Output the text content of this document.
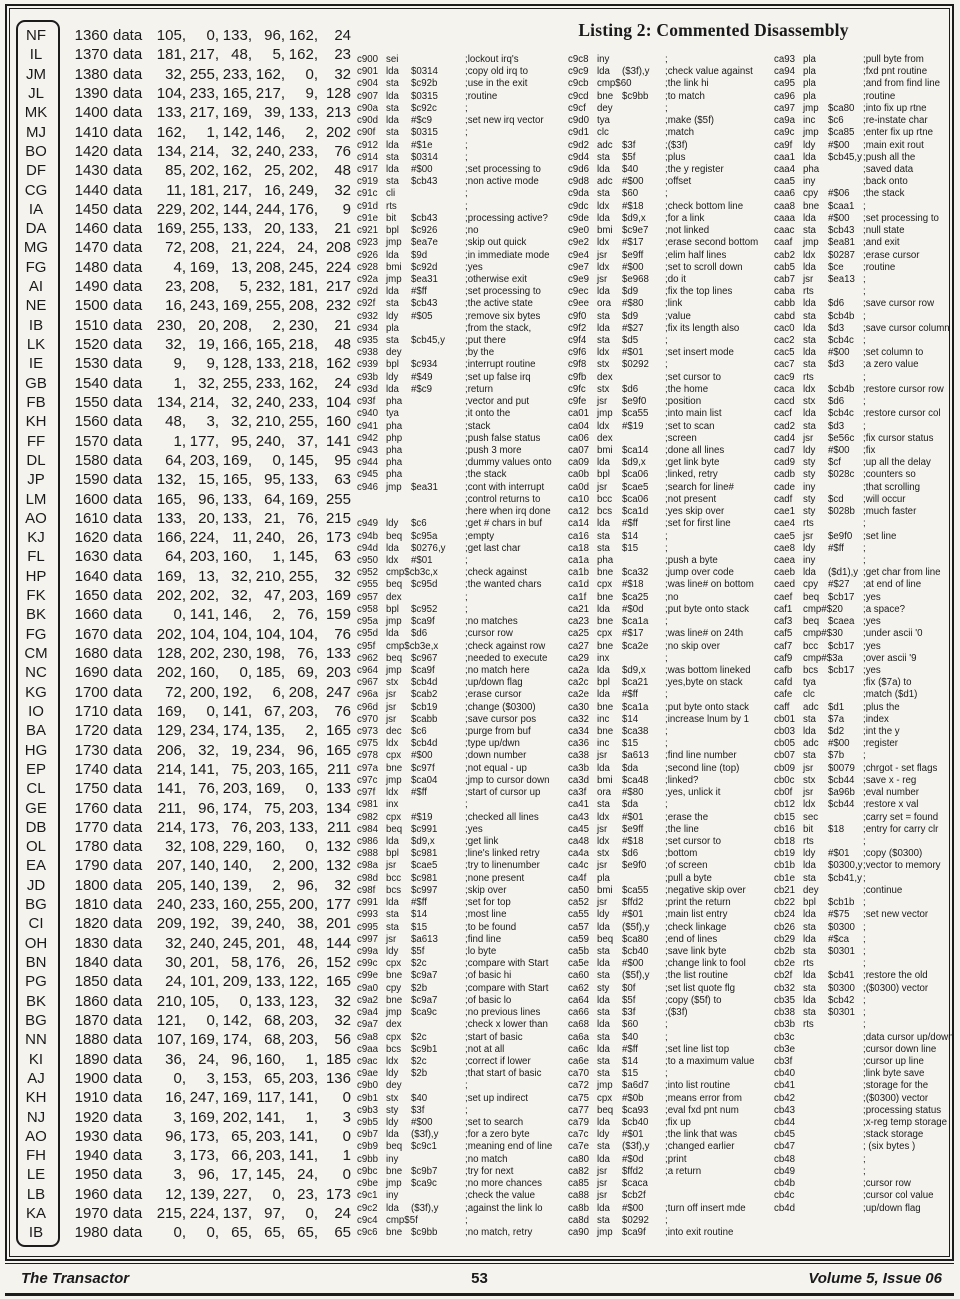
NF	1360 data 105,	0, 133, 96, 162,	24
IL	1370 data 181, 217, 48,	5, 162,	23
JM	1380 data	32, 255, 233, 162,	0,	32
JL	1390 data 104, 233, 165, 217,	9, 128
MK	1400 data 133, 217, 169, 39, 133, 213
MJ	1410 data 162,	1, 142, 146,	2, 202
BO	1420 data 134, 214, 32, 240, 233,	76
DF	1430 data	85, 202, 162, 25, 202,	48
CG	1440 data	11, 181, 217, 16, 249,	32
IA	1450 data 229, 202, 144, 244, 176,	9
DA	1460 data 169, 255, 133, 20, 133,	21
MG	1470 data	72, 208, 21, 224, 24, 208
FG	1480 data	4, 169, 13, 208, 245, 224
AI	1490 data	23, 208,	5, 232, 181, 217
NE	1500 data	16, 243, 169, 255, 208, 232
IB	1510 data 230, 20, 208,	2, 230,	21
LK	1520 data	32, 19, 166, 165, 218,	48
IE	1530 data	9,	9, 128, 133, 218, 162
GB	1540 data	1, 32, 255, 233, 162,	24
FB	1550 data 134, 214, 32, 240, 233, 104
KH	1560 data	48,	3, 32, 210, 255, 160
FF	1570 data	1, 177, 95, 240, 37, 141
DL	1580 data	64, 203, 169,	0, 145,	95
JP	1590 data 132, 15, 165, 95, 133,	63
LM	1600 data 165, 96, 133, 64, 169, 255
AO	1610 data 133, 20, 133, 21, 76, 215
KJ	1620 data 166, 224, 11, 240, 26, 173
FL	1630 data	64, 203, 160,	1, 145,	63
HP	1640 data 169, 13, 32, 210, 255,	32
FK	1650 data 202, 202, 32, 47, 203, 169
BK	1660 data	0, 141, 146,	2, 76, 159
FG	1670 data 202, 104, 104, 104, 104,	76
CM	1680 data 128, 202, 230, 198, 76, 133
NC	1690 data 202, 160,	0, 185, 69, 203
KG	1700 data	72, 200, 192,	6, 208, 247
IO	1710 data 169,	0, 141, 67, 203,	76
BA	1720 data 129, 234, 174, 135,	2, 165
HG	1730 data 206, 32, 19, 234, 96, 165
EP	1740 data 214, 141, 75, 203, 165, 211
CL	1750 data 141, 76, 203, 169,	0, 133
GE	1760 data	211, 96, 174, 75, 203, 134
DB	1770 data 214, 173, 76, 203, 133, 211
OL	1780 data	32, 108, 229, 160,	0, 132
EA	1790 data 207, 140, 140,	2, 200, 132
JD	1800 data 205, 140, 139,	2, 96,	32
BG	1810 data 240, 233, 160, 255, 200, 177
CI	1820 data 209, 192, 39, 240, 38, 201
OH	1830 data	32, 240, 245, 201, 48, 144
BN	1840 data	30, 201, 58, 176, 26, 152
PG	1850 data	24, 101, 209, 133, 122, 165
BK	1860 data 210, 105,	0, 133, 123,	32
BG	1870 data 121,	0, 142, 68, 203,	32
NN	1880 data 107, 169, 174, 68, 203,	56
KI	1890 data	36, 24, 96, 160,	1, 185
AJ	1900 data	0,	3, 153, 65, 203, 136
KH	1910 data	16, 247, 169, 117, 141,	0
NJ	1920 data	3, 169, 202, 141,	1,	3
AO	1930 data	96, 173, 65, 203, 141,	0
FH	1940 data	3, 173, 66, 203, 141,	1
LE	1950 data	3, 96, 17, 145, 24,	0
LB	1960 data	12, 139, 227,	0, 23, 173
KA	1970 data 215, 224, 137, 97,	0,	24
IB	1980 data	0,	0, 65, 65, 65,	65
Listing 2: Commented Disassembly
c900 sei	;lockout irq's
c901 lda	$0314	;copy old irq to
c904 sta	$c92b	;use in the exit
c907 lda	$0315	;routine
c90a sta	$c92c	;
c90d lda	#$c9	;set new irq vector
c90f	sta	$0315	;
c912 lda	#$1e	;
c914 sta	$0314	;
c917 lda	#$00	;set processing to
c919 sta	$cb43	;non active mode
c91c cli	;
c91d rts	;
c91e bit	$cb43	;processing active?
c921 bpl	$c926	;no
c923 jmp $ea7e	;skip out quick
c926 lda	$9d	;in immediate mode
c928 bmi $c92d	;yes
c92a jmp $ea31	;otherwise exit
c92d lda	#$ff	;set processing to
c92f	sta	$cb43	;the active state
c932 ldy	#$05	;remove six bytes
c934 pla	;from the stack,
c935 sta	$cb45,y ;put there
c938 dey	;by the
c939 bpl	$c934	;interrupt routine
c93b ldy	#$49	;set up false irq
c93d lda	#$c9	;return
c93f	pha	;vector and put
c940 tya	;it onto the
c941 pha	;stack
c942 php	;push false status
c943 pha	;push 3 more
c944 pha	;dummy values onto
c945 pha	;the stack
c946 jmp $ea31	;cont with interrupt
;control returns to
;here when irq done
c949 ldy	$c6	;get # chars in buf
c94b beq $c95a	;empty
c94d lda	$0276,y ;get last char
c950 ldx	#$01	;
c952 cmp$cb3c,x	;check against
c955 beq $c95d	;the wanted chars
c957 dex	;
c958 bpl	$c952	;
c95a jmp $ca9f	;no matches
c95d lda	$d6	;cursor row
c95f	cmp$cb3e,x	;check against row
c962 beq $c967	;needed to execute
c964 jmp $ca9f	;no match here
c967 stx	$cb4d	;up/down flag
c96a jsr	$cab2	;erase cursor
c96d jsr	$cb19	;change ($0300)
c970 jsr	$cabb	;save cursor pos
c973 dec $c6	;purge from buf
c975 ldx	$cb4d	;type up/dwn
c978 cpx	#$00	;down number
c97a bne $c97f	;not equal - up
c97c jmp $ca04	;jmp to cursor down
c97f	ldx	#$ff	;start of cursor up
c981 inx	;
c982 cpx	#$19	;checked all lines
c984 beq $c991	;yes
c986 lda	$d9,x	;get link
c988 bpl	$c981	;line's linked retry
c98a jsr	$cae5	;try to linenumber
c98d bcc	$c981	;none present
c98f	bcs	$c997	;skip over
c991 lda	#$ff	;set for top
c993 sta	$14	;most line
c995 sta	$15	;to be found
c997 jsr	$a613	;find line
c99a ldy	$5f	;lo byte
c99c cpx	$2c	;compare with Start
c99e bne $c9a7	;of basic hi
c9a0 cpy	$2b	;compare with Start
c9a2 bne $c9a7	;of basic lo
c9a4 jmp $ca9c	;no previous lines
c9a7 dex	;check x lower than
c9a8 cpx	$2c	;start of basic
c9aa bcs	$c9b1	;not at all
c9ac ldx	$2c	;correct if lower
c9ae ldy	$2b	;that start of basic
c9b0 dey	;
c9b1 stx	$40	;set up indirect
c9b3 sty	$3f	;
c9b5 ldy	#$00	;set to search
c9b7 lda	($3f),y	;for a zero byte
c9b9 beq $c9c1	;meaning end of line
c9bb iny	;no match
c9bc bne $c9b7	;try for next
c9be jmp $ca9c	;no more chances
c9c1 iny	;check the value
c9c2 lda	($3f),y	;against the link lo
c9c4 cmp$5f	;
c9c6 bne $c9bb	;no match, retry
c9c8 iny	;
c9c9 lda	($3f),y ;check value against
c9cb cmp$60	;the link hi
c9cd bne $c9bb ;to match
c9cf	dey	;
c9d0 tya	;make ($5f)
c9d1 clc	;match
c9d2 adc $3f	;($3f)
c9d4 sta	$5f	;plus
c9d6 lda	$40	;the y register
c9d8 adc #$00 ;offset
c9da sta	$60	;
c9dc ldx	#$18 ;check bottom line
c9de lda	$d9,x ;for a link
c9e0 bmi $c9e7 ;not linked
c9e2 ldx	#$17 ;erase second bottom
c9e4 jsr	$e9ff ;elim half lines
c9e7 ldx	#$00 ;set to scroll down
c9e9 jsr	$e968 ;do it
c9ec lda	$d9	;fix the top lines
c9ee ora	#$80 ;link
c9f0	sta	$d9	;value
c9f2	lda	#$27 ;fix its length also
c9f4	sta	$d5	;
c9f6	ldx	#$01 ;set insert mode
c9f8	stx	$0292 ;
c9fb	dex	;set cursor to
c9fc	stx	$d6	;the home
c9fe	jsr	$e9f0 ;position
ca01 jmp $ca55 ;into main list
ca04 ldx	#$19 ;set to scan
ca06 dex	;screen
ca07 bmi $ca14 ;done all lines
ca09 lda	$d9,x ;get link byte
ca0b bpl	$ca06 ;linked, retry
ca0d jsr	$cae5 ;search for line#
ca10 bcc	$ca06 ;not present
ca12 bcs	$ca1d ;yes skip over
ca14 lda	#$ff	;set for first line
ca16 sta	$14	;
ca18 sta	$15	;
ca1a pha	;push a byte
ca1b bne $ca32 ;jump over code
ca1d cpx	#$18 ;was line# on bottom
ca1f	bne $ca25 ;no
ca21 lda	#$0d ;put byte onto stack
ca23 bne $ca1a ;
ca25 cpx	#$17 ;was line# on 24th
ca27 bne $ca2e ;no skip over
ca29 inx	;
ca2a lda	$d9,x ;was bottom lineked
ca2c bpl	$ca21 ;yes,byte on stack
ca2e lda	#$ff	;
ca30 bne $ca1a ;put byte onto stack
ca32 inc	$14	;increase lnum by 1
ca34 bne $ca38 ;
ca36 inc	$15	;
ca38 jsr	$a613 ;find line number
ca3b lda	$da	;second line (top)
ca3d bmi $ca48 ;linked?
ca3f	ora	#$80 ;yes, unlick it
ca41 sta	$da	;
ca43 ldx	#$01 ;erase the
ca45 jsr	$e9ff ;the line
ca48 ldx	#$18 ;set cursor to
ca4a stx	$d6	;bottom
ca4c jsr	$e9f0 ;of screen
ca4f	pla	;pull a byte
ca50 bmi $ca55 ;negative skip over
ca52 jsr	$ffd2 ;print the return
ca55 ldy	#$01 ;main list entry
ca57 lda	($5f),y ;check linkage
ca59 beq $ca80 ;end of lines
ca5b sta	$cb40 ;save link byte
ca5e lda	#$00 ;change link to fool
ca60 sta	($5f),y ;the list routine
ca62 sty	$0f	;set list quote flg
ca64 lda	$5f	;copy ($5f) to
ca66 sta	$3f	;($3f)
ca68 lda	$60	;
ca6a sta	$40	;
ca6c lda	#$ff	;set line list top
ca6e sta	$14	;to a maximum value
ca70 sta	$15	;
ca72 jmp $a6d7 ;into list routine
ca75 cpx	#$0b ;means error from
ca77 beq $ca93 ;eval fxd pnt num
ca79 lda	$cb40 ;fix up
ca7c ldy	#$01 ;the link that was
ca7e sta	($3f),y ;changed earlier
ca80 lda	#$0d ;print
ca82 jsr	$ffd2 ;a return
ca85 jsr	$caca
ca88 jsr	$cb2f
ca8b lda	#$00 ;turn off insert mde
ca8d sta	$0292 ;
ca90 jmp $ca9f ;into exit routine
ca93 pla	;pull byte from
ca94 pla	;fxd pnt routine
ca95 pla	;and from find line
ca96 pla	;routine
ca97 jmp $ca80 ;into fix up rtne
ca9a inc	$c6 ;re-instate char
ca9c jmp $ca85 ;enter fix up rtne
ca9f	ldy	#$00 ;main exit rout
caa1 lda	$cb45,y ;push all the
caa4 pha	;saved data
caa5 iny	;back onto
caa6 cpy	#$06 ;the stack
caa8 bne $caa1 ;
caaa lda	#$00 ;set processing to
caac sta	$cb43 ;null state
caaf	jmp $ea81 ;and exit
cab2 ldx	$0287 ;erase cursor
cab5 lda	$ce ;routine
cab7 jsr	$ea13 ;
caba rts	;
cabb lda	$d6 ;save cursor row
cabd sta	$cb4b ;
cac0 lda	$d3 ;save cursor column
cac2 sta	$cb4c ;
cac5 lda	#$00 ;set column to
cac7 sta	$d3 ;a zero value
cac9 rts	;
caca ldx	$cb4b ;restore cursor row
cacd stx	$d6 ;
cacf	lda	$cb4c ;restore cursor col
cad2 sta	$d3 ;
cad4 jsr	$e56c ;fix cursor status
cad7 ldy	#$00 ;fix
cad9 sty	$cf ;up all the delay
cadb sty	$028c ;counters so
cade iny	;that scrolling
cadf	sty	$cd ;will occur
cae1 sty	$028b ;much faster
cae4 rts	;
cae5 jsr	$e9f0 ;set line
cae8 ldy	#$ff ;
caea iny	;
caeb lda	($d1),y ;get char from line
caed cpy	#$27 ;at end of line
caef	beq $cb17 ;yes
caf1	cmp#$20 ;a space?
caf3	beq $caea ;yes
caf5	cmp#$30 ;under ascii '0
caf7	bcc	$cb17 ;yes
caf9	cmp#$3a ;over ascii '9
cafb	bcs	$cb17 ;yes
cafd	tya	;fix ($7a) to
cafe	clc	;match ($d1)
caff	adc $d1 ;plus the
cb01 sta	$7a ;index
cb03 lda	$d2 ;int the y
cb05 adc #$00 ;register
cb07 sta	$7b ;
cb09 jsr	$0079 ;chrgot - set flags
cb0c stx	$cb44 ;save x - reg
cb0f	jsr	$a96b ;eval number
cb12 ldx	$cb44 ;restore x val
cb15 sec	;carry set = found
cb16 bit	$18 ;entry for carry clr
cb18 rts	;
cb19 ldy	#$01 ;copy ($0300)
cb1b lda	$0300,y ;vector to memory
cb1e sta	$cb41,y ;
cb21 dey	;continue
cb22 bpl	$cb1b ;
cb24 lda	#$75 ;set new vector
cb26 sta	$0300 ;
cb29 lda	#$ca ;
cb2b sta	$0301 ;
cb2e rts	;
cb2f	lda	$cb41 ;restore the old
cb32 sta	$0300 ;($0300) vector
cb35 lda	$cb42 ;
cb38 sta	$0301 ;
cb3b rts	;
cb3c	;data cursor up/down
cb3e	;cursor down line
cb3f	;cursor up line
cb40	;link byte save
cb41	;storage for the
cb42	;($0300) vector
cb43	;processing status
cb44	;x-reg temp storage
cb45	;stack storage
cb47	; (six bytes )
cb48	;
cb49	;
cb4b	;cursor row
cb4c	;cursor col value
cb4d	;up/down flag
The Transactor	53	Volume 5, Issue 06
